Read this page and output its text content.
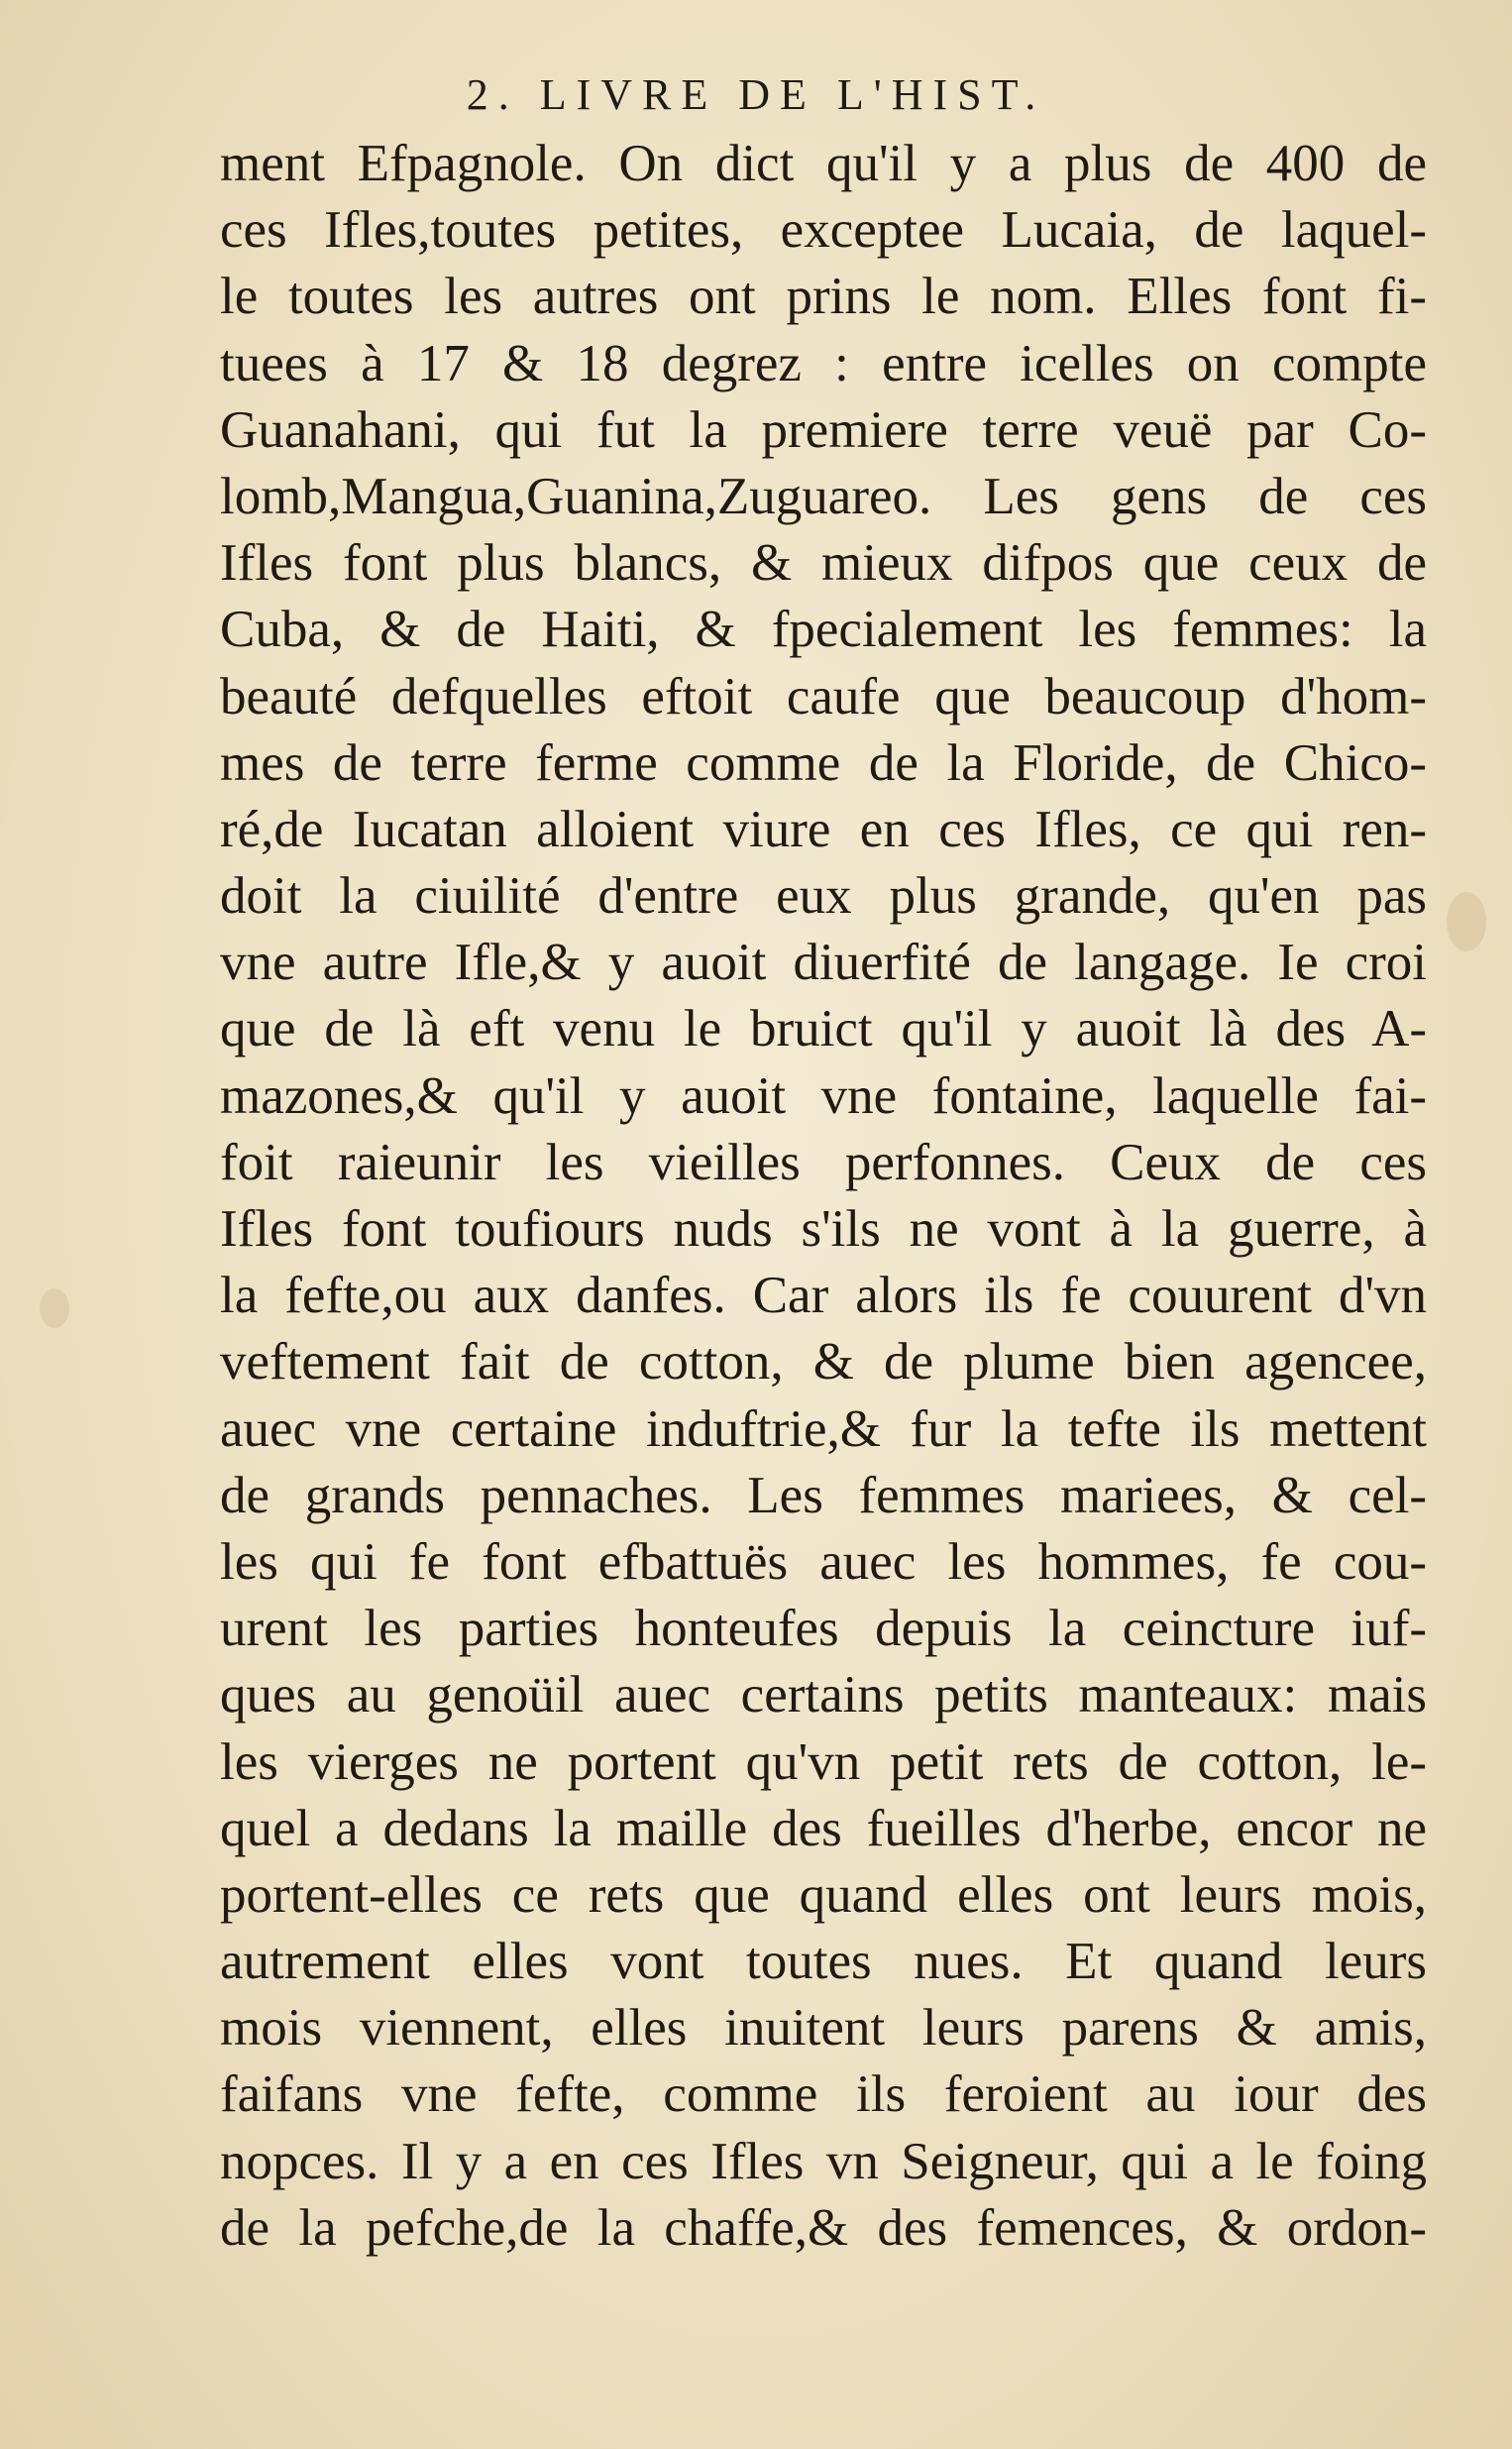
2. LIVRE DE L'HIST.
ment Efpagnole. On dict qu'il y a plus de 400 de
ces Ifles,toutes petites, exceptee Lucaia, de laquel-
le toutes les autres ont prins le nom. Elles font fi-
tuees à 17 & 18 degrez : entre icelles on compte
Guanahani, qui fut la premiere terre veuë par Co-
lomb,Mangua,Guanina,Zuguareo. Les gens de ces
Ifles font plus blancs, & mieux difpos que ceux de
Cuba, & de Haiti, & fpecialement les femmes: la
beauté defquelles eftoit caufe que beaucoup d'hom-
mes de terre ferme comme de la Floride, de Chico-
ré,de Iucatan alloient viure en ces Ifles, ce qui ren-
doit la ciuilité d'entre eux plus grande, qu'en pas
vne autre Ifle,& y auoit diuerfité de langage. Ie croi
que de là eft venu le bruict qu'il y auoit là des A-
mazones,& qu'il y auoit vne fontaine, laquelle fai-
foit raieunir les vieilles perfonnes. Ceux de ces
Ifles font toufiours nuds s'ils ne vont à la guerre, à
la fefte,ou aux danfes. Car alors ils fe couurent d'vn
veftement fait de cotton, & de plume bien agencee,
auec vne certaine induftrie,& fur la tefte ils mettent
de grands pennaches. Les femmes mariees, & cel-
les qui fe font efbattuës auec les hommes, fe cou-
urent les parties honteufes depuis la ceincture iuf-
ques au genoüil auec certains petits manteaux: mais
les vierges ne portent qu'vn petit rets de cotton, le-
quel a dedans la maille des fueilles d'herbe, encor ne
portent-elles ce rets que quand elles ont leurs mois,
autrement elles vont toutes nues. Et quand leurs
mois viennent, elles inuitent leurs parens & amis,
faifans vne fefte, comme ils feroient au iour des
nopces. Il y a en ces Ifles vn Seigneur, qui a le foing
de la pefche,de la chaffe,& des femences, & ordon-
